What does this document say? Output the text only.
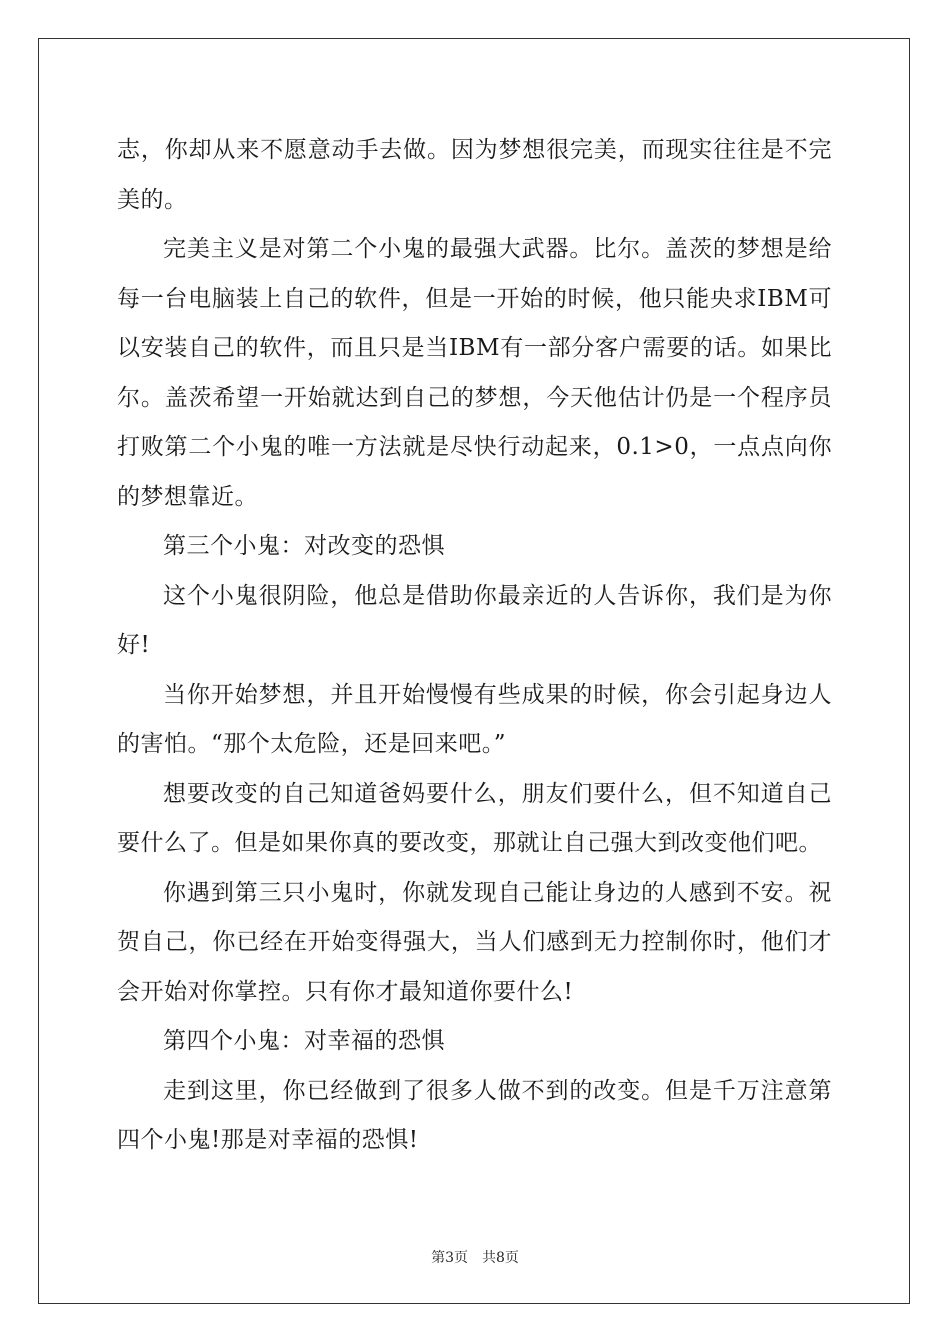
志，你却从来不愿意动手去做。因为梦想很完美，而现实往往是不完美的。

完美主义是对第二个小鬼的最强大武器。比尔。盖茨的梦想是给每一台电脑装上自己的软件，但是一开始的时候，他只能央求IBM可以安装自己的软件，而且只是当IBM有一部分客户需要的话。如果比尔。盖茨希望一开始就达到自己的梦想，今天他估计仍是一个程序员打败第二个小鬼的唯一方法就是尽快行动起来，0.1>0，一点点向你的梦想靠近。

第三个小鬼：对改变的恐惧

这个小鬼很阴险，他总是借助你最亲近的人告诉你，我们是为你好!

当你开始梦想，并且开始慢慢有些成果的时候，你会引起身边人的害怕。“那个太危险，还是回来吧。”

想要改变的自己知道爸妈要什么，朋友们要什么，但不知道自己要什么了。但是如果你真的要改变，那就让自己强大到改变他们吧。

你遇到第三只小鬼时，你就发现自己能让身边的人感到不安。祝贺自己，你已经在开始变得强大，当人们感到无力控制你时，他们才会开始对你掌控。只有你才最知道你要什么!

第四个小鬼：对幸福的恐惧

走到这里，你已经做到了很多人做不到的改变。但是千万注意第四个小鬼!那是对幸福的恐惧!

第3页 共8页
